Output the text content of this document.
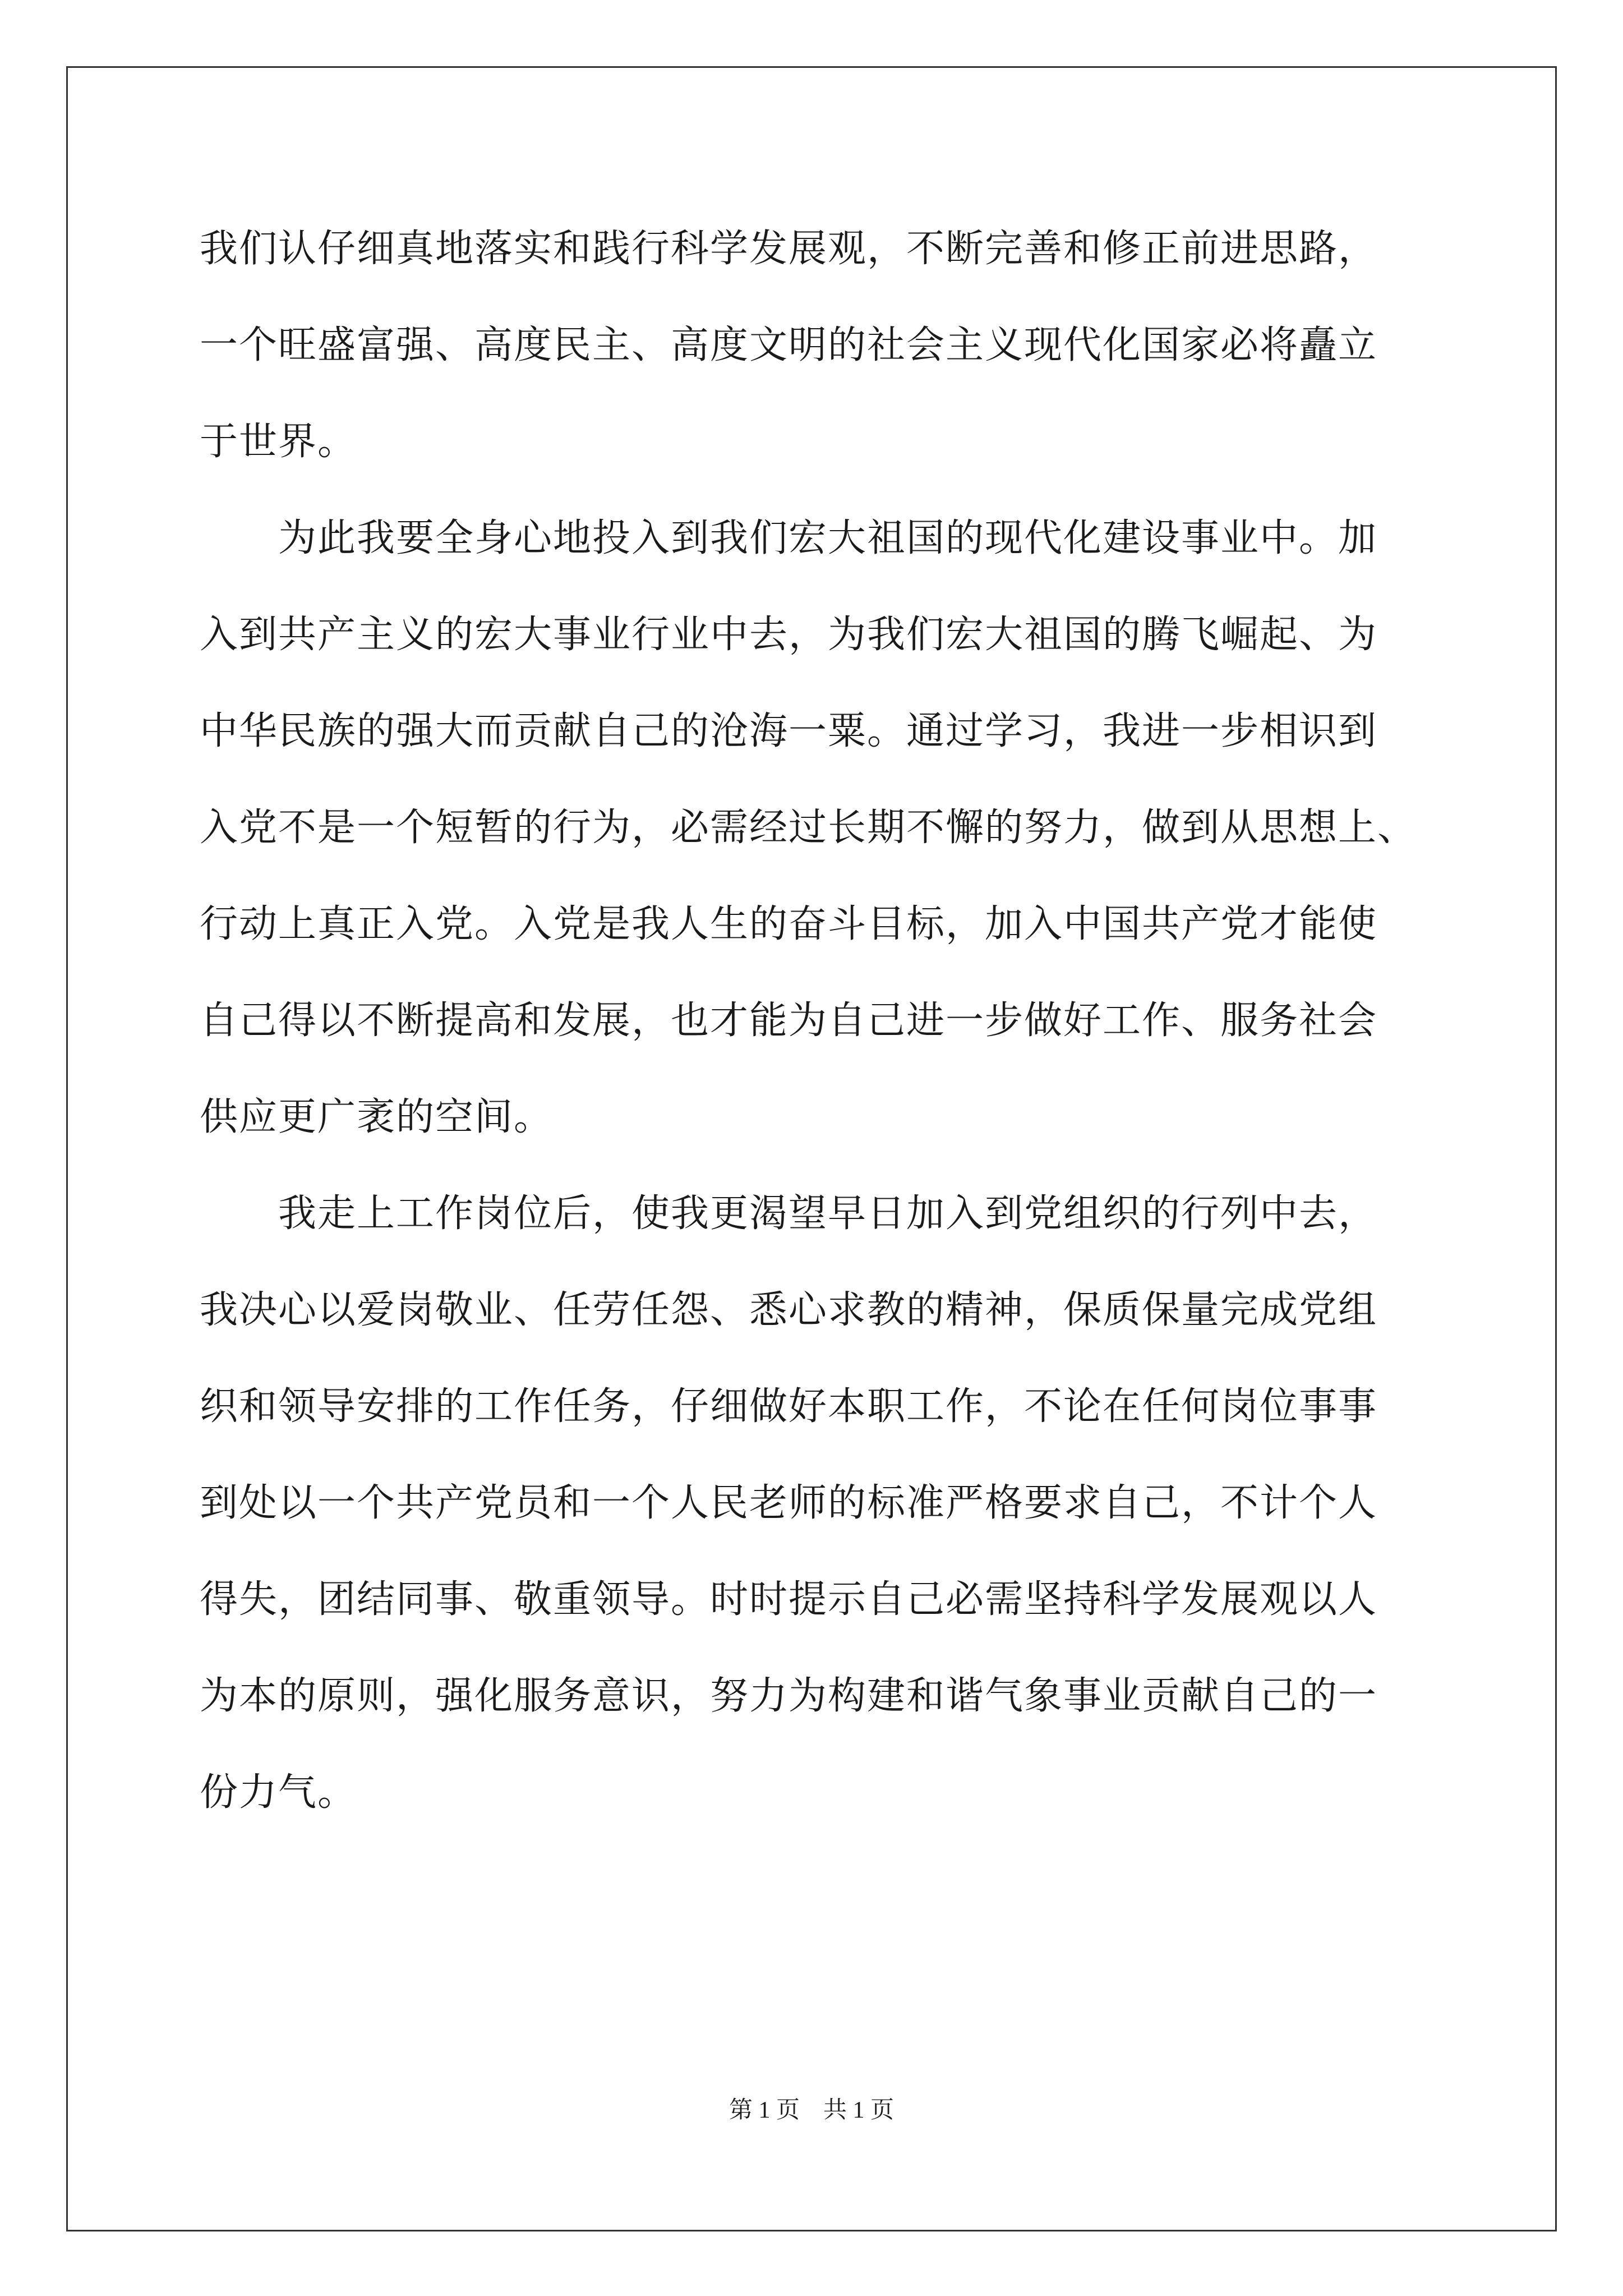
我们认仔细真地落实和践行科学发展观，不断完善和修正前进思路，
一个旺盛富强、高度民主、高度文明的社会主义现代化国家必将矗立
于世界。
为此我要全身心地投入到我们宏大祖国的现代化建设事业中。加
入到共产主义的宏大事业行业中去，为我们宏大祖国的腾飞崛起、为
中华民族的强大而贡献自己的沧海一粟。通过学习，我进一步相识到
入党不是一个短暂的行为，必需经过长期不懈的努力，做到从思想上、
行动上真正入党。入党是我人生的奋斗目标，加入中国共产党才能使
自己得以不断提高和发展，也才能为自己进一步做好工作、服务社会
供应更广袤的空间。
我走上工作岗位后，使我更渴望早日加入到党组织的行列中去，
我决心以爱岗敬业、任劳任怨、悉心求教的精神，保质保量完成党组
织和领导安排的工作任务，仔细做好本职工作，不论在任何岗位事事
到处以一个共产党员和一个人民老师的标准严格要求自己，不计个人
得失，团结同事、敬重领导。时时提示自己必需坚持科学发展观以人
为本的原则，强化服务意识，努力为构建和谐气象事业贡献自己的一
份力气。
第 1 页　共 1 页
